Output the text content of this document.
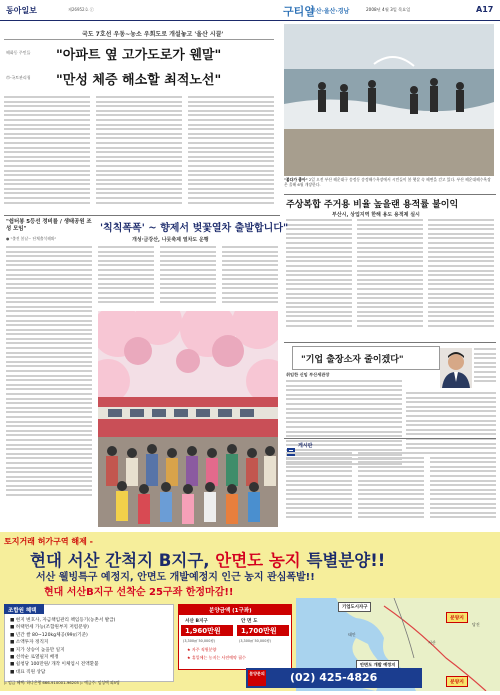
동아일보	제26952호 ⓒ	구티일
부산·울산·경남	2008년 4월 3일 목요일	A17
국도 7호선 우동~농소 우회도로 개설놓고 '울산 시끌'
해화동 주민들 "아파트 옆 고가도로가 웬말"
市·국토관리청 "만성 체증 해소할 최적노선"
"봄다가 좋아" 2일 오전 부산 해운대구 송정동 송정해수욕장에서 시민들이 봄 햇살 속 해변을 걷고 있다. 부산 해운대해수욕장은 올해 6월 개장한다.
주상복합 주거용 비율 높을랜 용적률 불이익
부산시, 상업지역 한해 용도 용적제 실시
"쉼터봉 5등선 정비를 / 생태공원 조성 모임"
● "출전 봄날~ 단체출석해봐"
'칙칙폭폭' ~ 향제서 벚꽃열차 출발합니다"
개성·금강산, 나뭇축제 열차도 운행
"기업 출장소자 줄이겠다"
취임한 신임 부산세관장
게시판
토지거래 허가구역 해제 -
현대 서산 간척지 B지구, 안면도 농지 특별분양!!
서산 웰빙특구 예정지, 안면도 개발예정지 인근 농지 관심폭발!!
현대 서산B지구 선착순 25구좌 한정마감!!
조합원 혜택
■ 현지 변호사, 자금책임관리 책임등기(농촌서 발급)
■ 허택면세 가능(조합원부지 저렴분양)
■ 년간 쌀 80~120kg체공(99㎡기준)
■ 소액투자 정직지
■ 지가 상승이 높을만 일지
■ 선착순 로열필지 배정
■ 쉼청당 100만원/ 개작 이체업시 전액환불
■ 대표 직원 상담
분양금액 (1구좌)
서산 B지구	안 면 도
1,960만원	1,700만원
(3,300㎡ 50,000평)	(3,300㎡ 50,000평)
★ 자주 직원분양
★ 휴일에는 농지는 사전예약 필수
기업도시자구
분양지
당진
태안
안면도 개발 예정지
분양지
서산
분양문의 (02) 425-4826
▷ 임금 혜택: 하나은행 666-910001-96205 ▷ 예금주: 임성택 외5명
